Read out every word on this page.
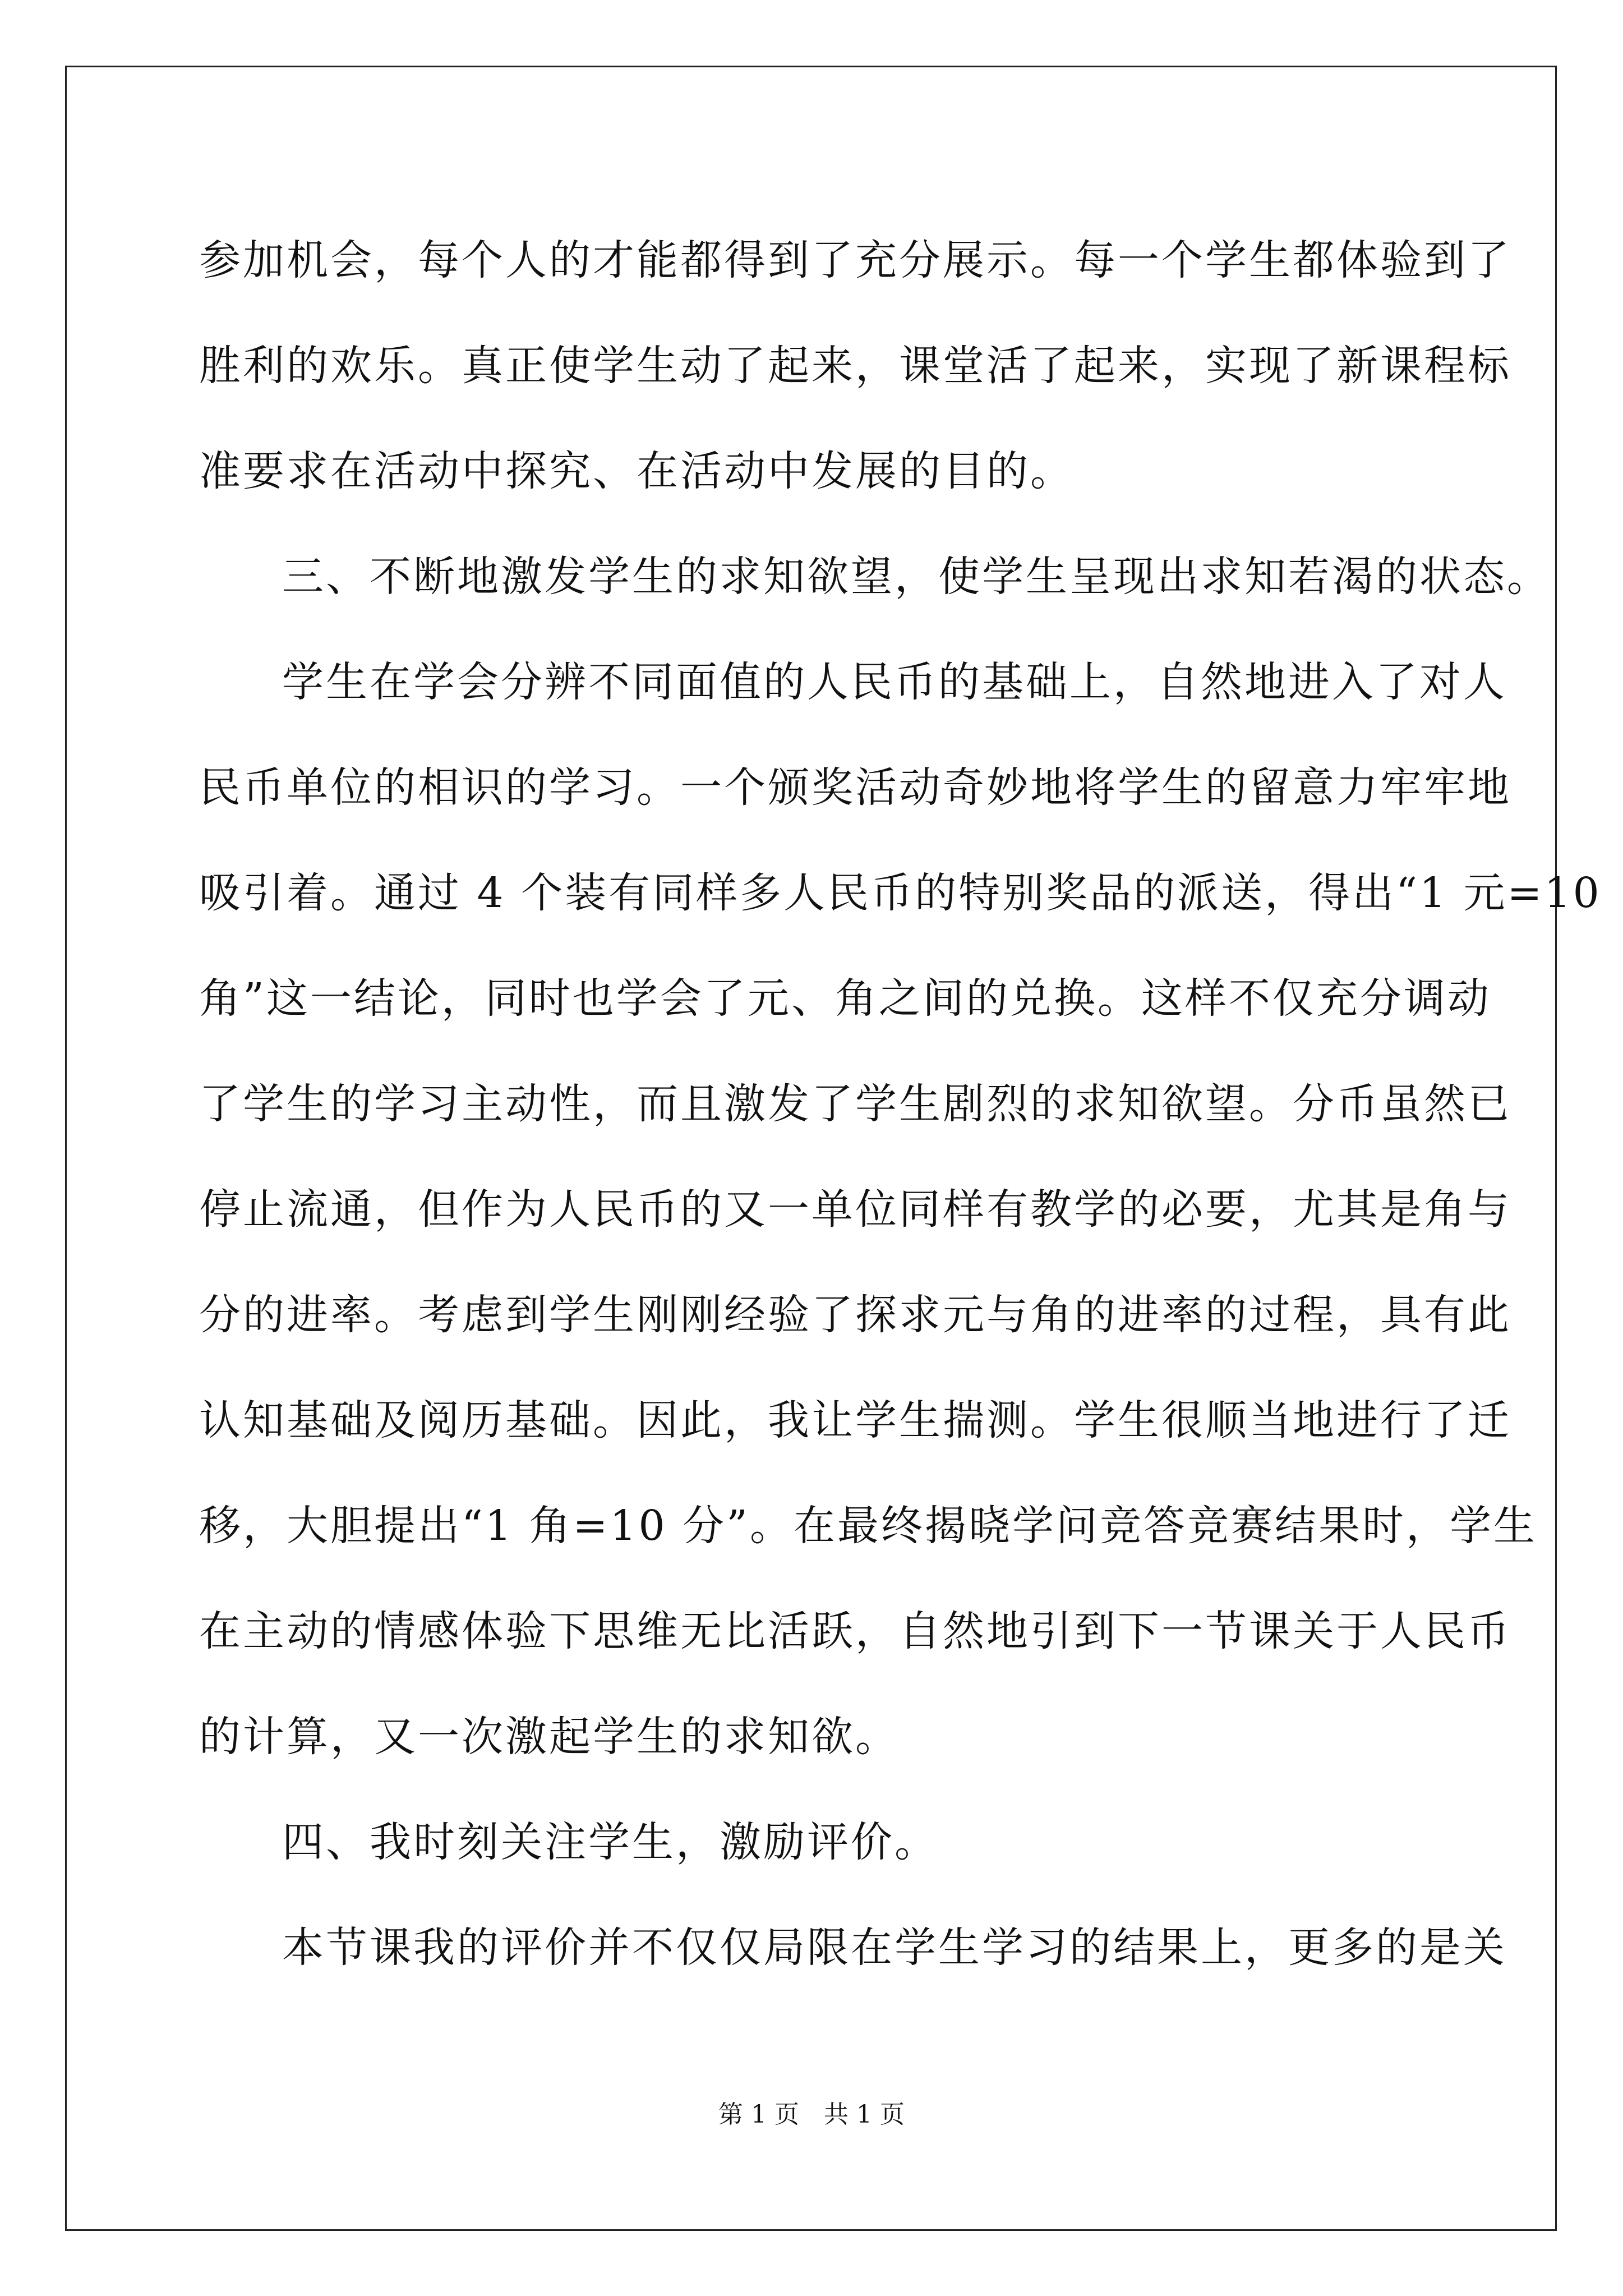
参加机会，每个人的才能都得到了充分展示。每一个学生都体验到了
胜利的欢乐。真正使学生动了起来，课堂活了起来，实现了新课程标
准要求在活动中探究、在活动中发展的目的。
三、不断地激发学生的求知欲望，使学生呈现出求知若渴的状态。
学生在学会分辨不同面值的人民币的基础上，自然地进入了对人
民币单位的相识的学习。一个颁奖活动奇妙地将学生的留意力牢牢地
吸引着。通过 4 个装有同样多人民币的特别奖品的派送，得出“1 元=10
角”这一结论，同时也学会了元、角之间的兑换。这样不仅充分调动
了学生的学习主动性，而且激发了学生剧烈的求知欲望。分币虽然已
停止流通，但作为人民币的又一单位同样有教学的必要，尤其是角与
分的进率。考虑到学生刚刚经验了探求元与角的进率的过程，具有此
认知基础及阅历基础。因此，我让学生揣测。学生很顺当地进行了迁
移，大胆提出“1 角=10 分”。在最终揭晓学问竞答竞赛结果时，学生
在主动的情感体验下思维无比活跃，自然地引到下一节课关于人民币
的计算，又一次激起学生的求知欲。
四、我时刻关注学生，激励评价。
本节课我的评价并不仅仅局限在学生学习的结果上，更多的是关
第 1 页　共 1 页
